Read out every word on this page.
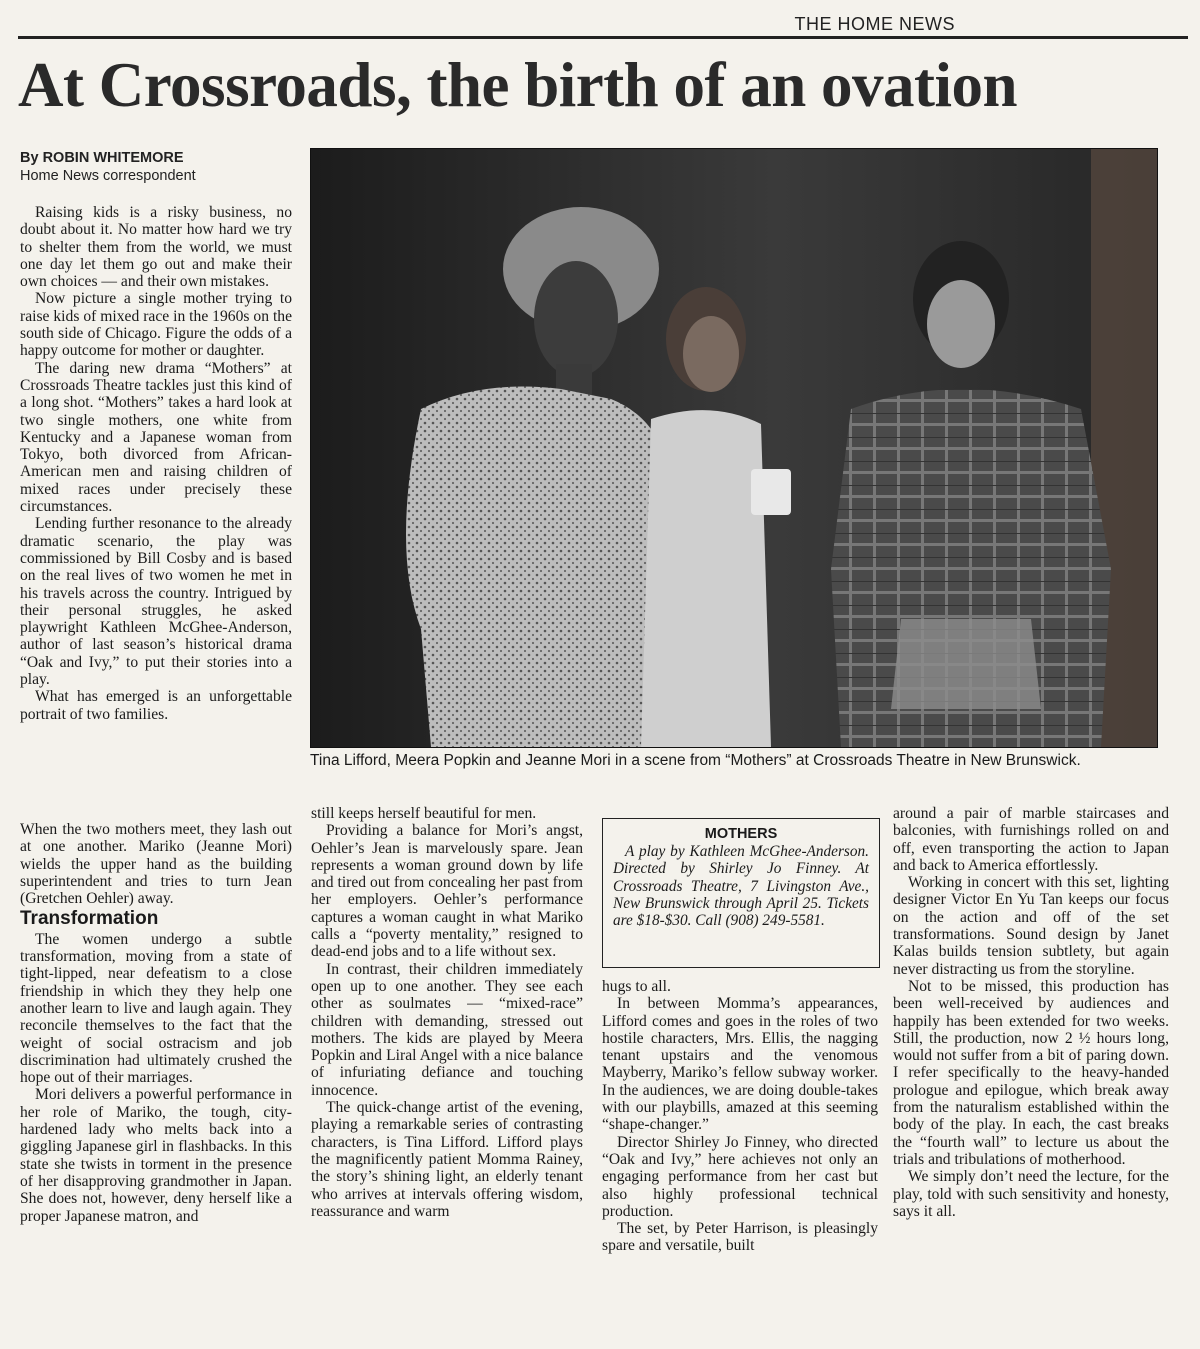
THE HOME NEWS
At Crossroads, the birth of an ovation
By ROBIN WHITEMORE
Home News correspondent

Raising kids is a risky business, no doubt about it. No matter how hard we try to shelter them from the world, we must one day let them go out and make their own choices — and their own mistakes.

Now picture a single mother trying to raise kids of mixed race in the 1960s on the south side of Chicago. Figure the odds of a happy outcome for mother or daughter.

The daring new drama “Mothers” at Crossroads Theatre tackles just this kind of a long shot. “Mothers” takes a hard look at two single mothers, one white from Kentucky and a Japanese woman from Tokyo, both divorced from African-American men and raising children of mixed races under precisely these circumstances.

Lending further resonance to the already dramatic scenario, the play was commissioned by Bill Cosby and is based on the real lives of two women he met in his travels across the country. Intrigued by their personal struggles, he asked playwright Kathleen McGhee-Anderson, author of last season’s historical drama “Oak and Ivy,” to put their stories into a play.

What has emerged is an unforgettable portrait of two families.

Tina Lifford, Meera Popkin and Jeanne Mori in a scene from “Mothers” at Crossroads Theatre in New Brunswick.

When the two mothers meet, they lash out at one another. Mariko (Jeanne Mori) wields the upper hand as the building superintendent and tries to turn Jean (Gretchen Oehler) away.

Transformation

The women undergo a subtle transformation, moving from a state of tight-lipped, near defeatism to a close friendship in which they they help one another learn to live and laugh again. They reconcile themselves to the fact that the weight of social ostracism and job discrimination had ultimately crushed the hope out of their marriages.

Mori delivers a powerful performance in her role of Mariko, the tough, city-hardened lady who melts back into a giggling Japanese girl in flashbacks. In this state she twists in torment in the presence of her disapproving grandmother in Japan. She does not, however, deny herself like a proper Japanese matron, and

still keeps herself beautiful for men.

Providing a balance for Mori’s angst, Oehler’s Jean is marvelously spare. Jean represents a woman ground down by life and tired out from concealing her past from her employers. Oehler’s performance captures a woman caught in what Mariko calls a “poverty mentality,” resigned to dead-end jobs and to a life without sex.

In contrast, their children immediately open up to one another. They see each other as soulmates — “mixed-race” children with demanding, stressed out mothers. The kids are played by Meera Popkin and Liral Angel with a nice balance of infuriating defiance and touching innocence.

The quick-change artist of the evening, playing a remarkable series of contrasting characters, is Tina Lifford. Lifford plays the magnificently patient Momma Rainey, the story’s shining light, an elderly tenant who arrives at intervals offering wisdom, reassurance and warm

MOTHERS
A play by Kathleen McGhee-Anderson. Directed by Shirley Jo Finney. At Crossroads Theatre, 7 Livingston Ave., New Brunswick through April 25. Tickets are $18-$30. Call (908) 249-5581.

hugs to all.

In between Momma’s appearances, Lifford comes and goes in the roles of two hostile characters, Mrs. Ellis, the nagging tenant upstairs and the venomous Mayberry, Mariko’s fellow subway worker. In the audiences, we are doing double-takes with our playbills, amazed at this seeming “shape-changer.”

Director Shirley Jo Finney, who directed “Oak and Ivy,” here achieves not only an engaging performance from her cast but also highly professional technical production.

The set, by Peter Harrison, is pleasingly spare and versatile, built

around a pair of marble staircases and balconies, with furnishings rolled on and off, even transporting the action to Japan and back to America effortlessly.

Working in concert with this set, lighting designer Victor En Yu Tan keeps our focus on the action and off of the set transformations. Sound design by Janet Kalas builds tension subtlety, but again never distracting us from the storyline.

Not to be missed, this production has been well-received by audiences and happily has been extended for two weeks. Still, the production, now 2 ½ hours long, would not suffer from a bit of paring down. I refer specifically to the heavy-handed prologue and epilogue, which break away from the naturalism established within the body of the play. In each, the cast breaks the “fourth wall” to lecture us about the trials and tribulations of motherhood.

We simply don’t need the lecture, for the play, told with such sensitivity and honesty, says it all.
